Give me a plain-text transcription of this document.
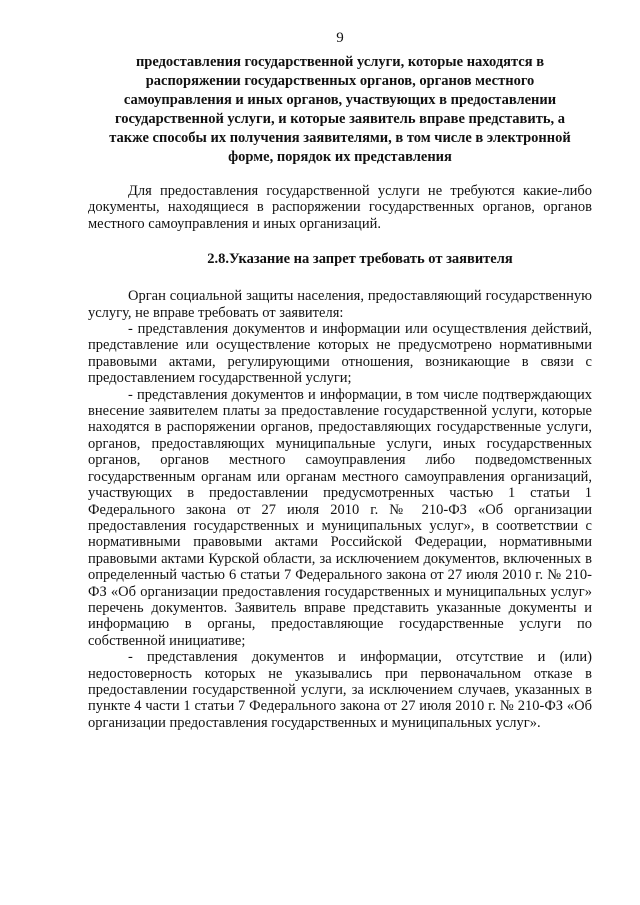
9
предоставления государственной услуги, которые находятся в
распоряжении государственных органов, органов местного
самоуправления и иных органов, участвующих в предоставлении
государственной услуги, и которые заявитель вправе представить, а
также способы их получения заявителями, в том числе в электронной
форме, порядок их представления

Для предоставления государственной услуги не требуются какие-либо документы, находящиеся в распоряжении государственных органов, органов местного самоуправления и иных организаций.

2.8.Указание на запрет требовать от заявителя

Орган социальной защиты населения, предоставляющий государственную услугу, не вправе требовать от заявителя:

- представления документов и информации или осуществления действий, представление или осуществление которых не предусмотрено нормативными правовыми актами, регулирующими отношения, возникающие в связи с предоставлением государственной услуги;

- представления документов и информации, в том числе подтверждающих внесение заявителем платы за предоставление государственной услуги, которые находятся в распоряжении органов, предоставляющих государственные услуги, органов, предоставляющих муниципальные услуги, иных государственных органов, органов местного самоуправления либо подведомственных государственным органам или органам местного самоуправления организаций, участвующих в предоставлении предусмотренных частью 1 статьи 1 Федерального закона от 27 июля 2010 г. № 210-ФЗ «Об организации предоставления государственных и муниципальных услуг», в соответствии с нормативными правовыми актами Российской Федерации, нормативными правовыми актами Курской области, за исключением документов, включенных в определенный частью 6 статьи 7 Федерального закона от 27 июля 2010 г. № 210-ФЗ «Об организации предоставления государственных и муниципальных услуг» перечень документов. Заявитель вправе представить указанные документы и информацию в органы, предоставляющие государственные услуги по собственной инициативе;

- представления документов и информации, отсутствие и (или) недостоверность которых не указывались при первоначальном отказе в предоставлении государственной услуги, за исключением случаев, указанных в пункте 4 части 1 статьи 7 Федерального закона от 27 июля 2010 г. № 210-ФЗ «Об организации предоставления государственных и муниципальных услуг».
